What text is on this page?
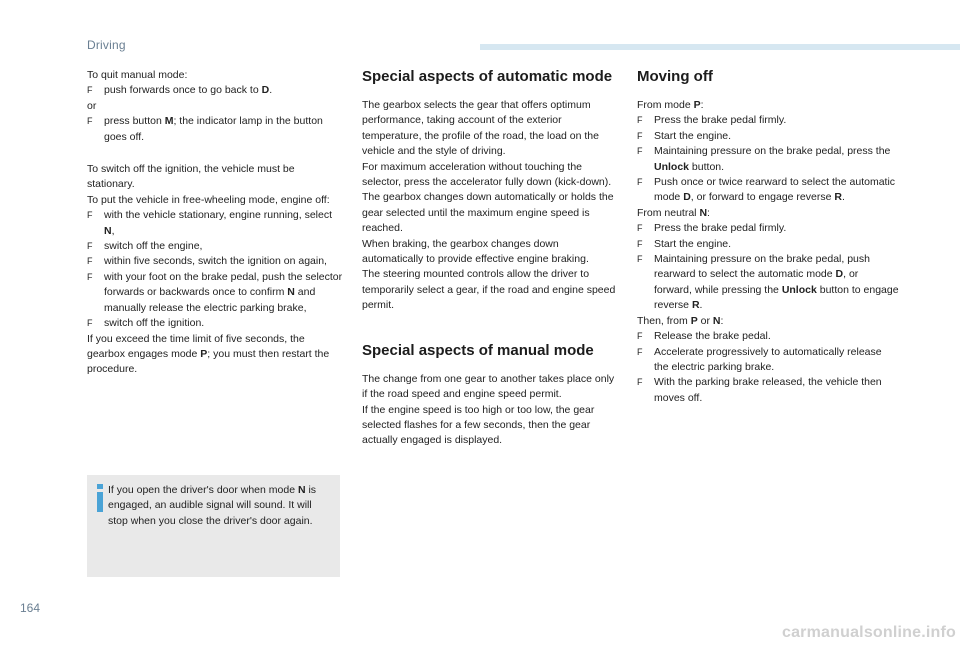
Driving

To quit manual mode:

F	push forwards once to go back to D.

or

F	press button M; the indicator lamp in the button goes off.

To switch off the ignition, the vehicle must be stationary.

To put the vehicle in free-wheeling mode, engine off:

F	with the vehicle stationary, engine running, select N,
F	switch off the engine,
F	within five seconds, switch the ignition on again,
F	with your foot on the brake pedal, push the selector forwards or backwards once to confirm N and manually release the electric parking brake,
F	switch off the ignition.

If you exceed the time limit of five seconds, the gearbox engages mode P; you must then restart the procedure.

If you open the driver's door when mode N is engaged, an audible signal will sound. It will stop when you close the driver's door again.
Special aspects of automatic mode

The gearbox selects the gear that offers optimum performance, taking account of the exterior temperature, the profile of the road, the load on the vehicle and the style of driving.

For maximum acceleration without touching the selector, press the accelerator fully down (kick-down). The gearbox changes down automatically or holds the gear selected until the maximum engine speed is reached.

When braking, the gearbox changes down automatically to provide effective engine braking.

The steering mounted controls allow the driver to temporarily select a gear, if the road and engine speed permit.

Special aspects of manual mode

The change from one gear to another takes place only if the road speed and engine speed permit.

If the engine speed is too high or too low, the gear selected flashes for a few seconds, then the gear actually engaged is displayed.

Moving off

From mode P:

F	Press the brake pedal firmly.
F	Start the engine.
F	Maintaining pressure on the brake pedal, press the Unlock button.
F	Push once or twice rearward to select the automatic mode D, or forward to engage reverse R.

From neutral N:

F	Press the brake pedal firmly.
F	Start the engine.
F	Maintaining pressure on the brake pedal, push rearward to select the automatic mode D, or forward, while pressing the Unlock button to engage reverse R.

Then, from P or N:

F	Release the brake pedal.
F	Accelerate progressively to automatically release the electric parking brake.
F	With the parking brake released, the vehicle then moves off.
164
carmanualsonline.info
